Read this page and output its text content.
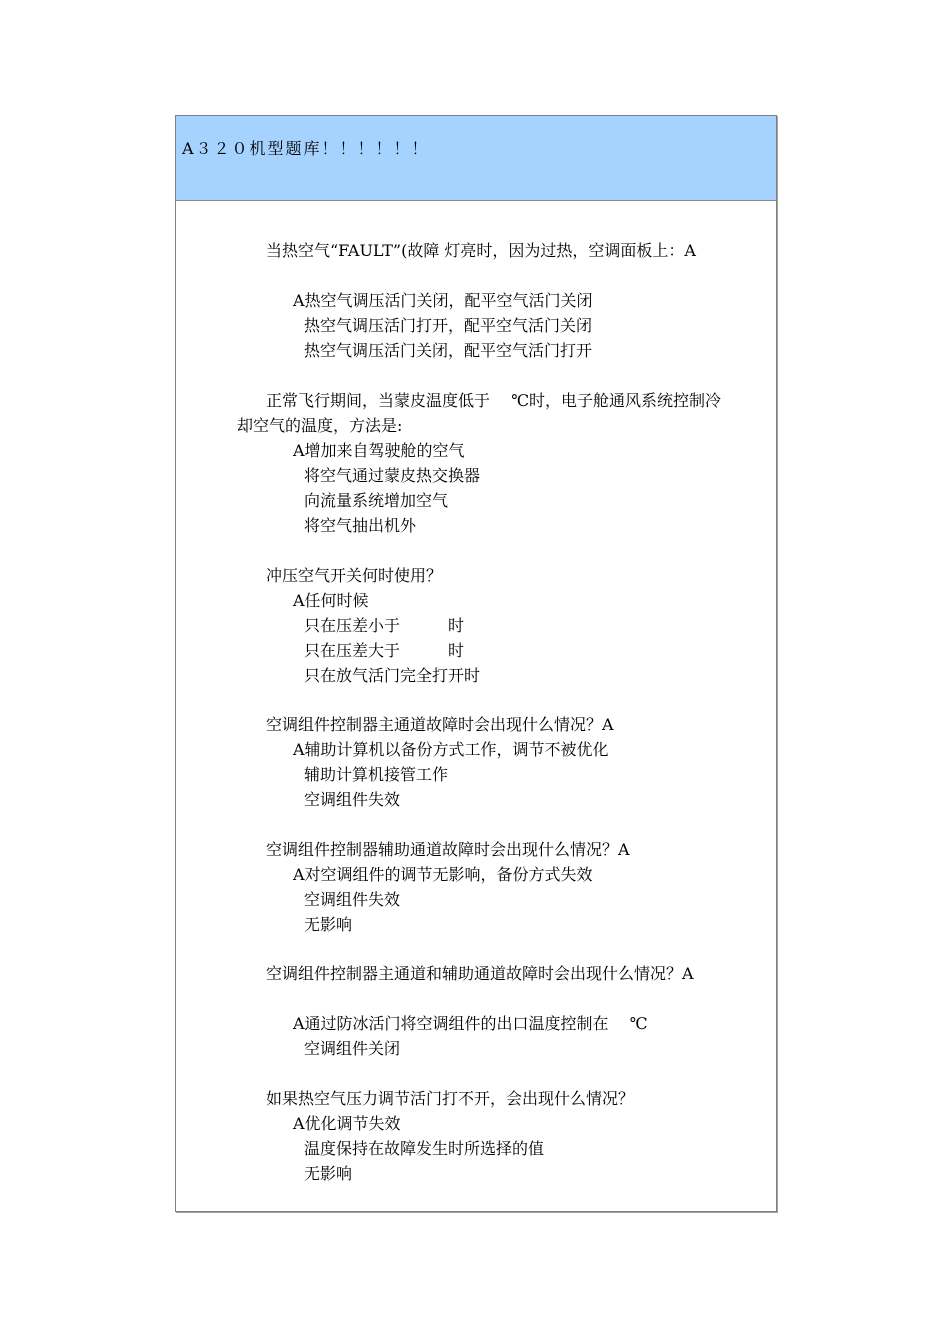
A３２０机型题库！！！！！！
当热空气“FAULT”(故障 灯亮时，因为过热，空调面板上：A
A热空气调压活门关闭，配平空气活门关闭
热空气调压活门打开，配平空气活门关闭
热空气调压活门关闭，配平空气活门打开
正常飞行期间，当蒙皮温度低于　 ℃时，电子舱通风系统控制冷却空气的温度，方法是:
A增加来自驾驶舱的空气
将空气通过蒙皮热交换器
向流量系统增加空气
将空气抽出机外
冲压空气开关何时使用？
A任何时候
只在压差小于　　　时
只在压差大于　　　时
只在放气活门完全打开时
空调组件控制器主通道故障时会出现什么情况？A
A辅助计算机以备份方式工作，调节不被优化
辅助计算机接管工作
空调组件失效
空调组件控制器辅助通道故障时会出现什么情况？A
A对空调组件的调节无影响，备份方式失效
空调组件失效
无影响
空调组件控制器主通道和辅助通道故障时会出现什么情况？A
A通过防冰活门将空调组件的出口温度控制在　 ℃
空调组件关闭
如果热空气压力调节活门打不开，会出现什么情况？
A优化调节失效
温度保持在故障发生时所选择的值
无影响
